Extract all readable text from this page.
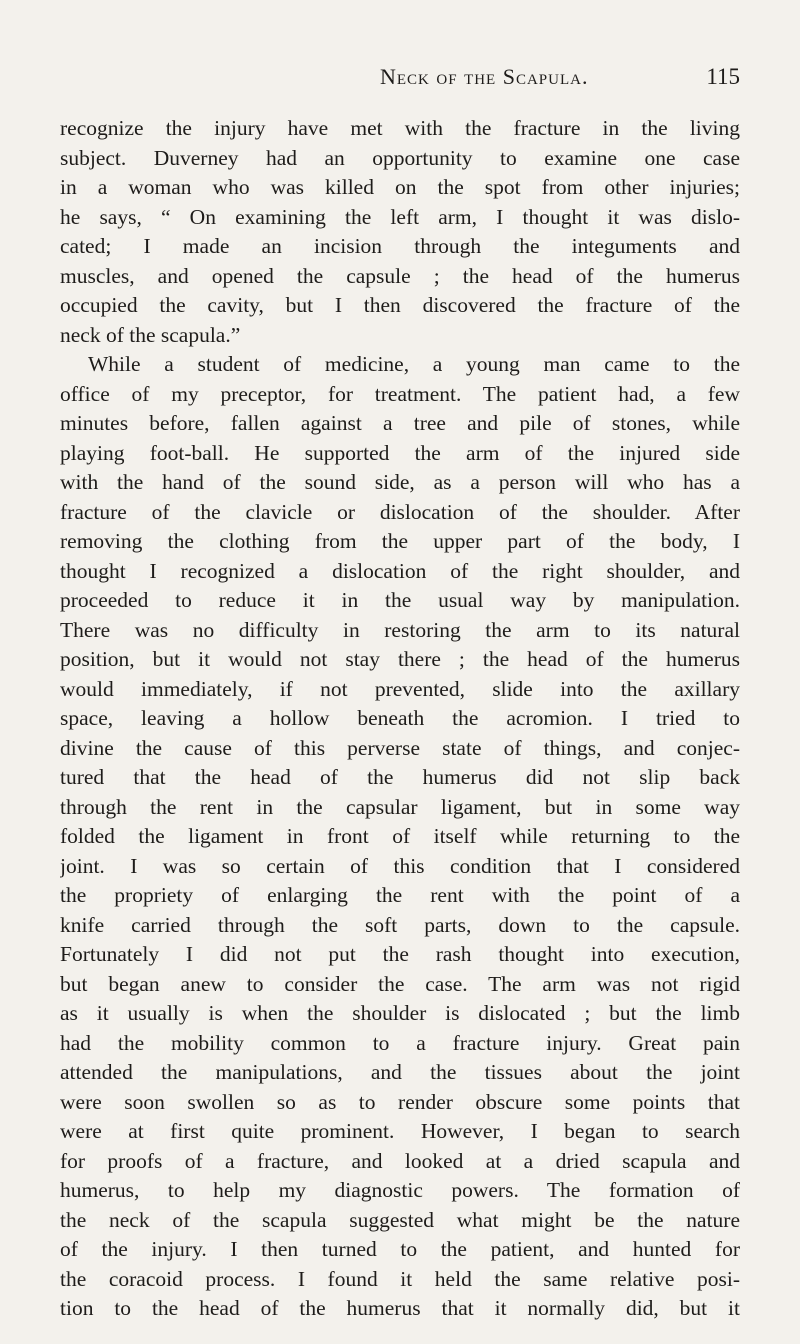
Neck of the Scapula.	115
recognize the injury have met with the fracture in the living
subject. Duverney had an opportunity to examine one case
in a woman who was killed on the spot from other injuries;
he says, “ On examining the left arm, I thought it was dislo-
cated; I made an incision through the integuments and
muscles, and opened the capsule ; the head of the humerus
occupied the cavity, but I then discovered the fracture of the
neck of the scapula.”
While a student of medicine, a young man came to the
office of my preceptor, for treatment. The patient had, a few
minutes before, fallen against a tree and pile of stones, while
playing foot-ball. He supported the arm of the injured side
with the hand of the sound side, as a person will who has a
fracture of the clavicle or dislocation of the shoulder. After
removing the clothing from the upper part of the body, I
thought I recognized a dislocation of the right shoulder, and
proceeded to reduce it in the usual way by manipulation.
There was no difficulty in restoring the arm to its natural
position, but it would not stay there ; the head of the humerus
would immediately, if not prevented, slide into the axillary
space, leaving a hollow beneath the acromion. I tried to
divine the cause of this perverse state of things, and conjec-
tured that the head of the humerus did not slip back
through the rent in the capsular ligament, but in some way
folded the ligament in front of itself while returning to the
joint. I was so certain of this condition that I considered
the propriety of enlarging the rent with the point of a
knife carried through the soft parts, down to the capsule.
Fortunately I did not put the rash thought into execution,
but began anew to consider the case. The arm was not rigid
as it usually is when the shoulder is dislocated ; but the limb
had the mobility common to a fracture injury. Great pain
attended the manipulations, and the tissues about the joint
were soon swollen so as to render obscure some points that
were at first quite prominent. However, I began to search
for proofs of a fracture, and looked at a dried scapula and
humerus, to help my diagnostic powers. The formation of
the neck of the scapula suggested what might be the nature
of the injury. I then turned to the patient, and hunted for
the coracoid process. I found it held the same relative posi-
tion to the head of the humerus that it normally did, but it
